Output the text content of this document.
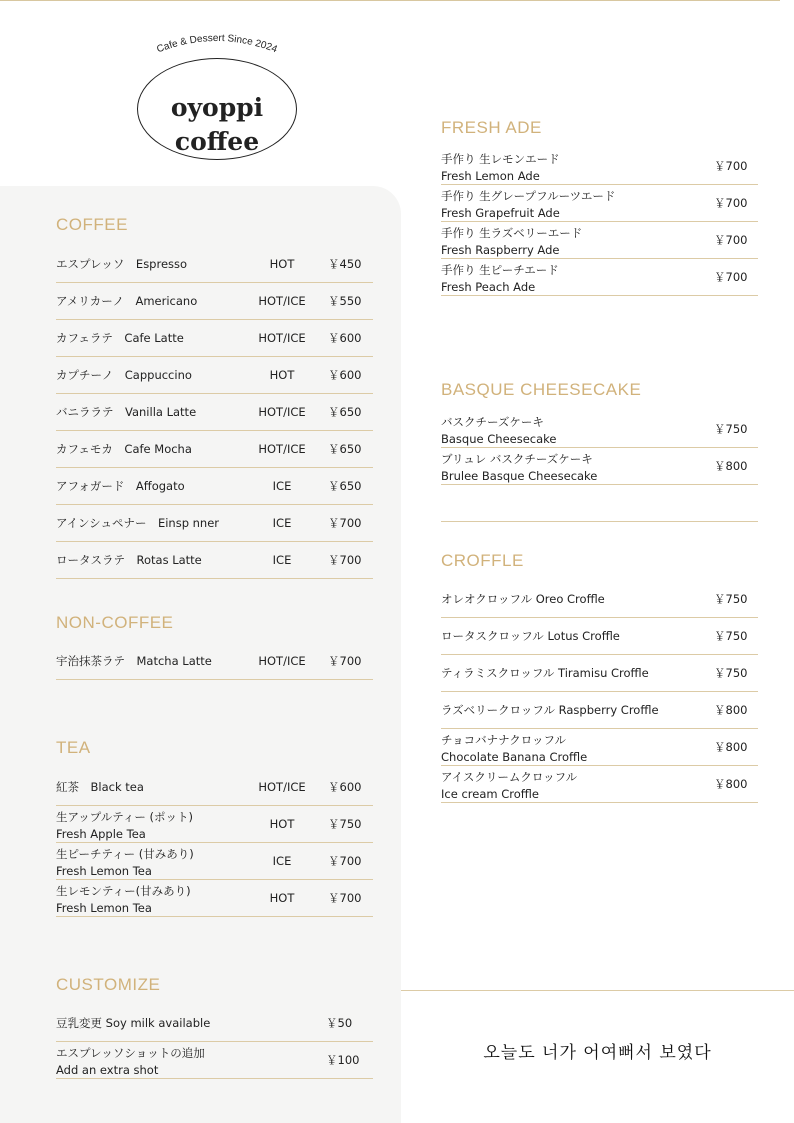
Cafe & Dessert Since 2024
oyoppi
coffee
COFFEE
エスプレッソ　Espresso	HOT	￥450
アメリカーノ　Americano	HOT/ICE	￥550
カフェラテ　Cafe Latte	HOT/ICE	￥600
カプチーノ　Cappuccino	HOT	￥600
バニララテ　Vanilla Latte	HOT/ICE	￥650
カフェモカ　Cafe Mocha	HOT/ICE	￥650
アフォガード　Affogato	ICE	￥650
アインシュペナー　Einsp nner	ICE	￥700
ロータスラテ　Rotas Latte	ICE	￥700
NON-COFFEE
宇治抹茶ラテ　Matcha Latte	HOT/ICE	￥700
TEA
紅茶　Black tea	HOT/ICE	￥600
生アップルティー (ポット)
Fresh Apple Tea
HOT	￥750
生ピーチティー (甘みあり)
Fresh Lemon Tea
ICE	￥700
生レモンティー(甘みあり)
Fresh Lemon Tea
HOT	￥700
CUSTOMIZE
豆乳変更 Soy milk available	￥50
エスプレッソショットの追加
Add an extra shot
￥100
FRESH ADE
手作り 生レモンエード
Fresh Lemon Ade
￥700
手作り 生グレープフルーツエード
Fresh Grapefruit Ade
￥700
手作り 生ラズベリーエード
Fresh Raspberry Ade
￥700
手作り 生ピーチエード
Fresh Peach Ade
￥700
BASQUE CHEESECAKE
バスクチーズケーキ
Basque Cheesecake
￥750
ブリュレ バスクチーズケーキ
Brulee Basque Cheesecake
￥800
CROFFLE
オレオクロッフル Oreo Croffle	￥750
ロータスクロッフル Lotus Croffle	￥750
ティラミスクロッフル Tiramisu Croffle	￥750
ラズベリークロッフル Raspberry Croffle	￥800
チョコバナナクロッフル
Chocolate Banana Croffle
￥800
アイスクリームクロッフル
Ice cream Croffle
￥800
오늘도 너가 어여뻐서 보였다
